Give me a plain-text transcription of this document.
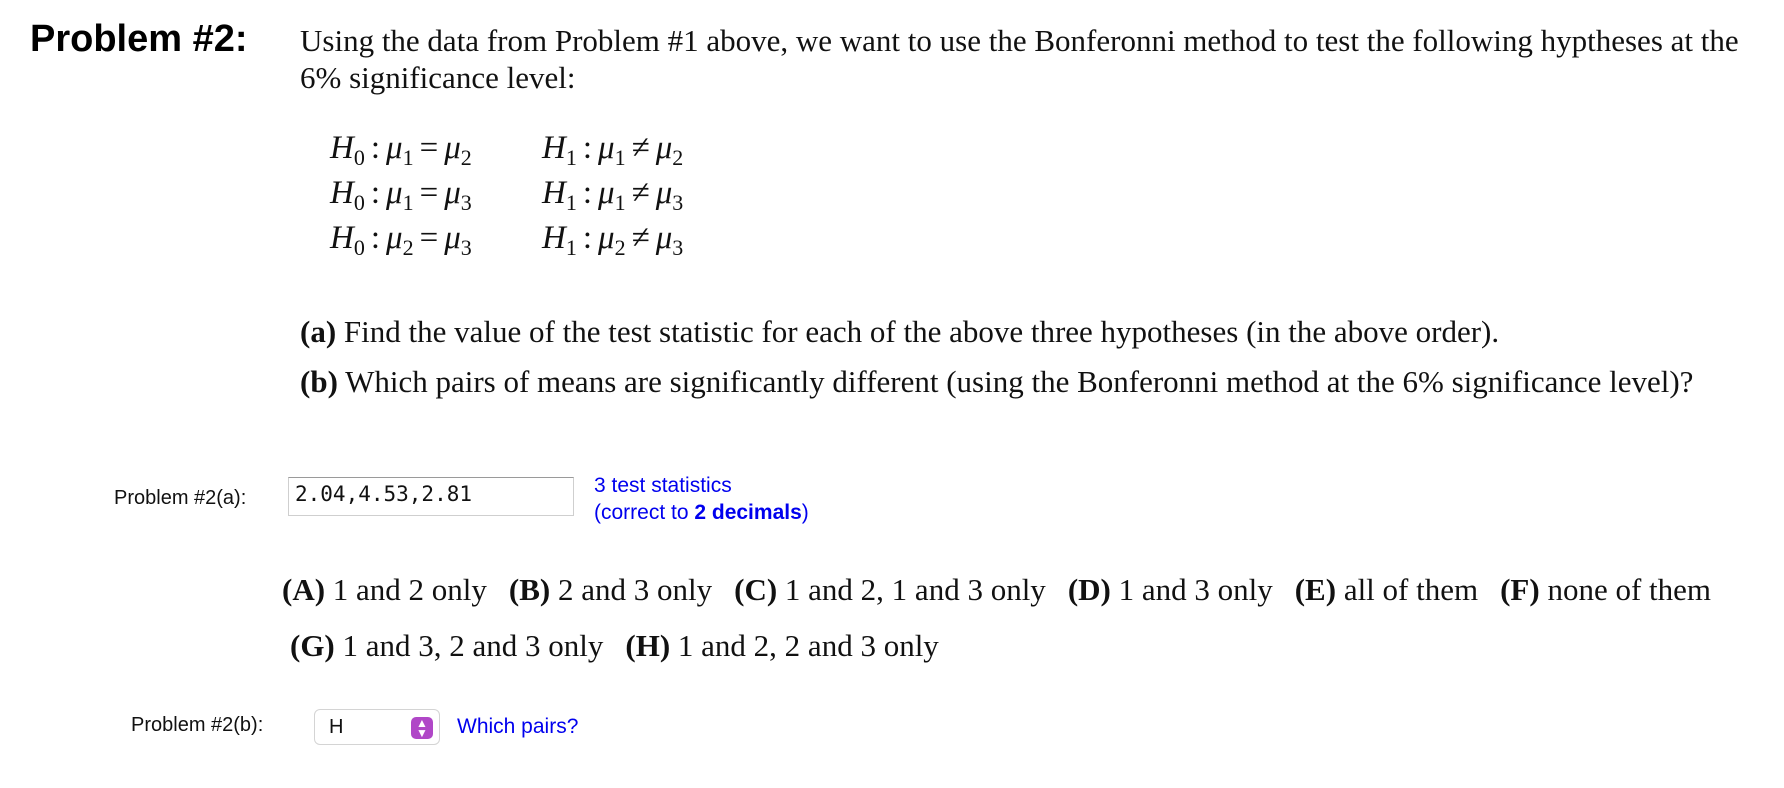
Problem #2: Using the data from Problem #1 above, we want to use the Bonferonni method to test the following hyptheses at the 6% significance level:
$H_0$ : $\mu_1 = \mu_2$ $H_1$ : $\mu_1 \ne \mu_2$
$H_0$ : $\mu_1 = \mu_3$ $H_1$ : $\mu_1 \ne \mu_3$
$H_0$ : $\mu_2 = \mu_3$ $H_1$ : $\mu_2 \ne \mu_3$
(a) Find the value of the test statistic for each of the above three hypotheses (in the above order).
(b) Which pairs of means are significantly different (using the Bonferonni method at the 6% significance level)?
Problem #2(a):	2.04,4.53,2.81	3 test statistics
(correct to 2 decimals)
(A) 1 and 2 only (B) 2 and 3 only (C) 1 and 2, 1 and 3 only (D) 1 and 3 only (E) all of them (F) none of them
(G) 1 and 3, 2 and 3 only (H) 1 and 2, 2 and 3 only
Problem #2(b):	H	▲
▼ Which pairs?
